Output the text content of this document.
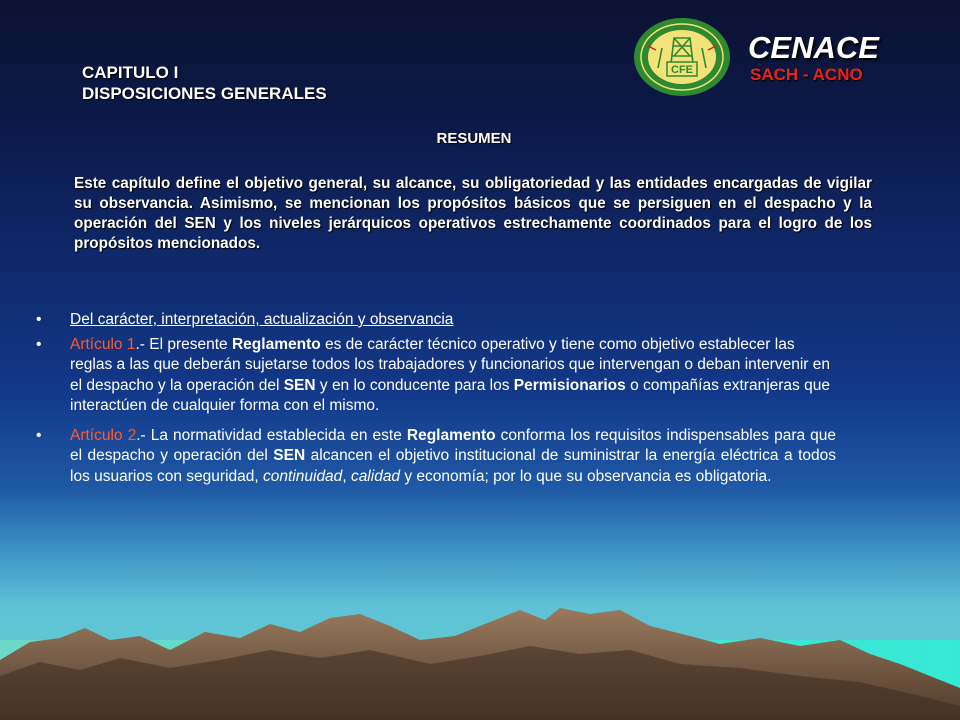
CAPITULO I
DISPOSICIONES GENERALES
CFE
CENACE
SACH - ACNO
RESUMEN
Este capítulo define el objetivo general, su alcance, su obligatoriedad y las entidades encargadas de vigilar su observancia. Asimismo, se mencionan los propósitos básicos que se persiguen en el despacho y la operación del SEN y los niveles jerárquicos operativos estrechamente coordinados para el logro de los propósitos mencionados.
•	Del carácter, interpretación, actualización y observancia
•	Artículo 1.- El presente Reglamento es de carácter técnico operativo y tiene como objetivo establecer las reglas a las que deberán sujetarse todos los trabajadores y funcionarios que intervengan o deban intervenir en el despacho y la operación del SEN y en lo conducente para los Permisionarios o compañías extranjeras que interactúen de cualquier forma con el mismo.
•	Artículo 2.- La normatividad establecida en este Reglamento conforma los requisitos indispensables para que el despacho y operación del SEN alcancen el objetivo institucional de suministrar la energía eléctrica a todos los usuarios con seguridad, continuidad, calidad y economía; por lo que su observancia es obligatoria.
